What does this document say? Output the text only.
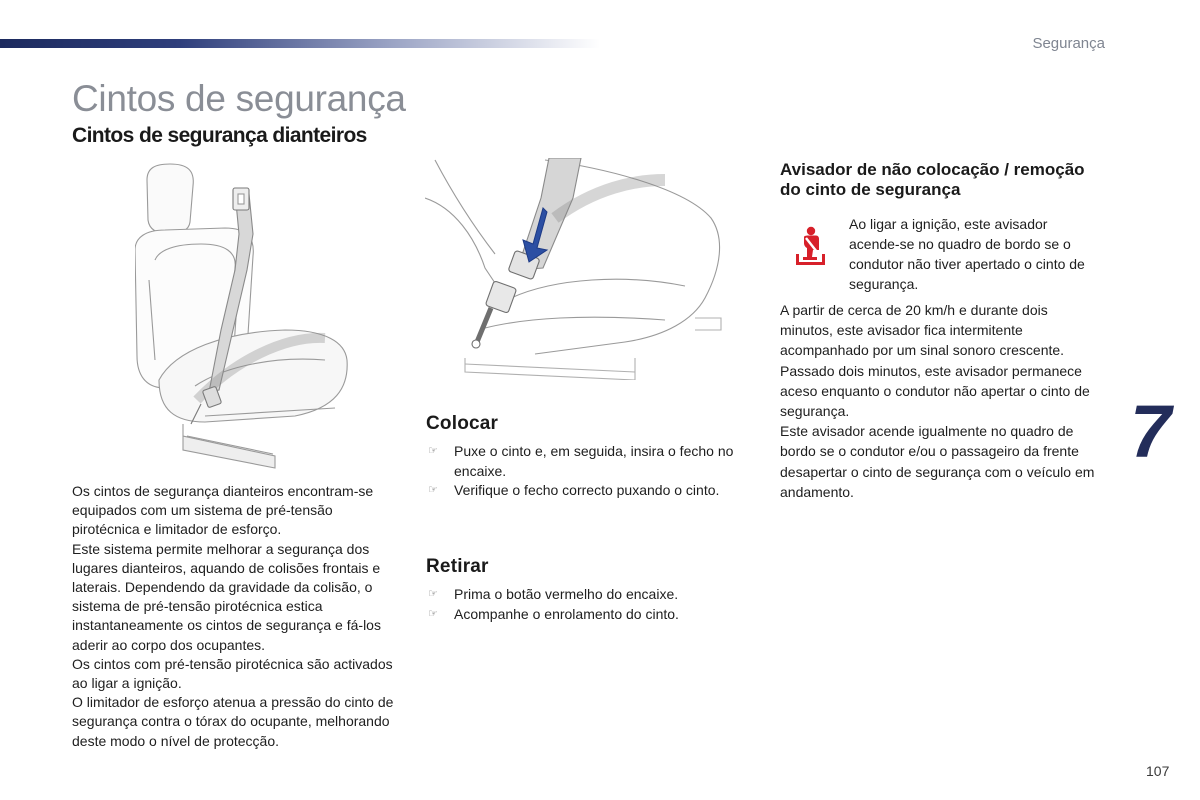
Segurança
Cintos de segurança
Cintos de segurança dianteiros

Os cintos de segurança dianteiros encontram-se equipados com um sistema de pré-tensão pirotécnica e limitador de esforço.

Este sistema permite melhorar a segurança dos lugares dianteiros, aquando de colisões frontais e laterais. Dependendo da gravidade da colisão, o sistema de pré-tensão pirotécnica estica instantaneamente os cintos de segurança e fá-los aderir ao corpo dos ocupantes.

Os cintos com pré-tensão pirotécnica são activados ao ligar a ignição.

O limitador de esforço atenua a pressão do cinto de segurança contra o tórax do ocupante, melhorando deste modo o nível de protecção.

Colocar
☞ Puxe o cinto e, em seguida, insira o fecho no encaixe.
☞ Verifique o fecho correcto puxando o cinto.
Retirar
☞ Prima o botão vermelho do encaixe.
☞ Acompanhe o enrolamento do cinto.
Avisador de não colocação / remoção do cinto de segurança
Ao ligar a ignição, este avisador acende-se no quadro de bordo se o condutor não tiver apertado o cinto de segurança.

A partir de cerca de 20 km/h e durante dois minutos, este avisador fica intermitente acompanhado por um sinal sonoro crescente. Passado dois minutos, este avisador permanece aceso enquanto o condutor não apertar o cinto de segurança.

Este avisador acende igualmente no quadro de bordo se o condutor e/ou o passageiro da frente desapertar o cinto de segurança com o veículo em andamento.

7
107
